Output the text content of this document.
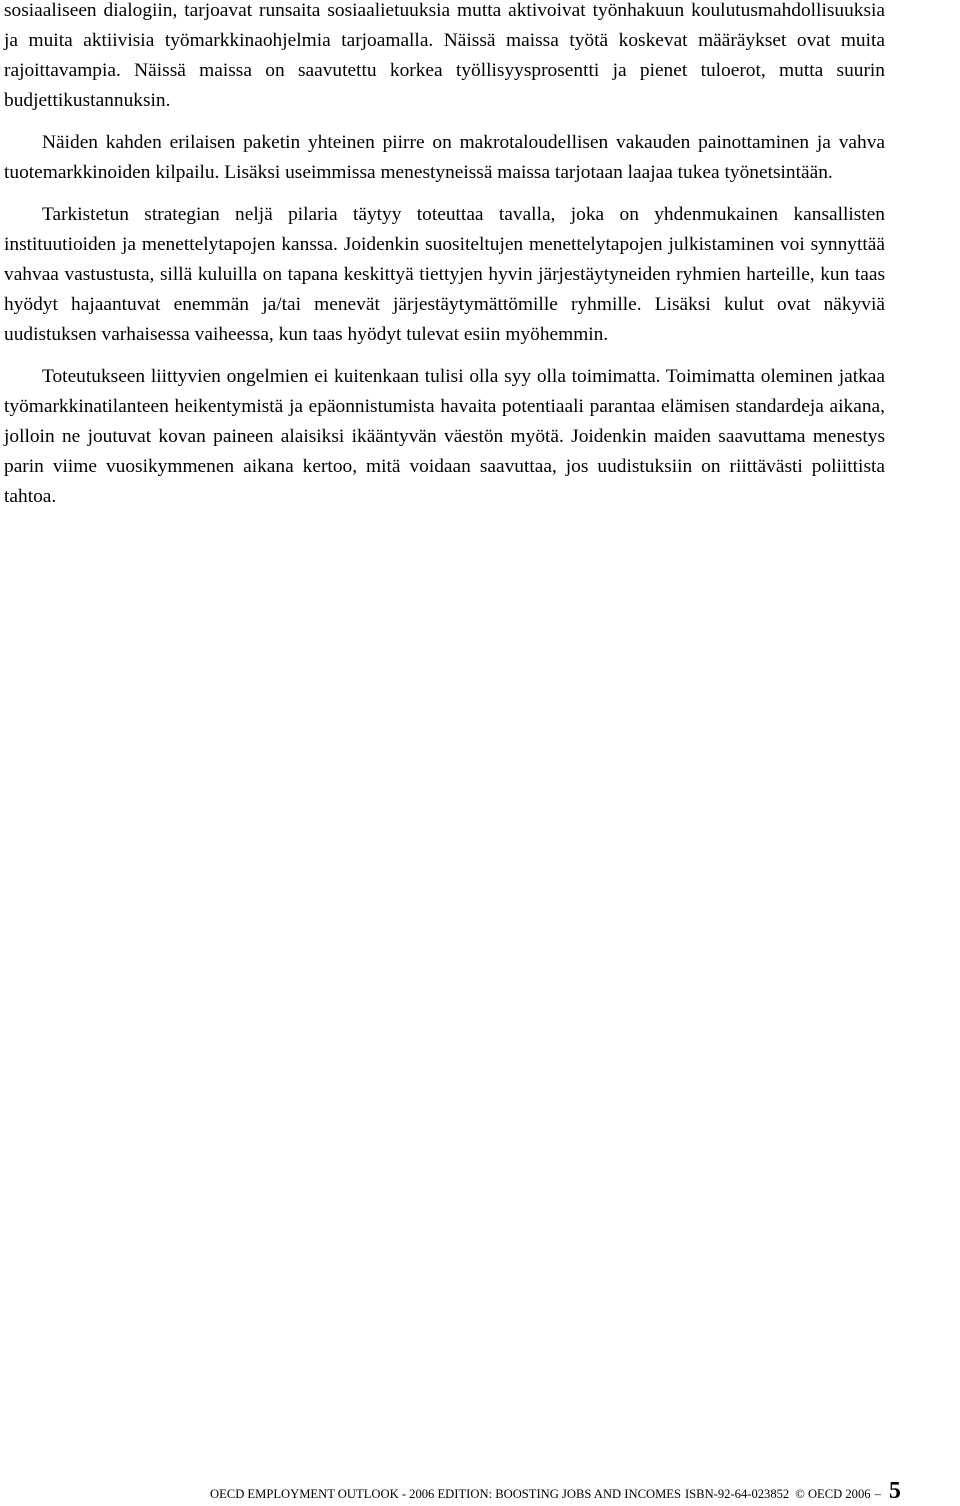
sosiaaliseen dialogiin, tarjoavat runsaita sosiaalietuuksia mutta aktivoivat työnhakuun koulutusmahdollisuuksia ja muita aktiivisia työmarkkinaohjelmia tarjoamalla. Näissä maissa työtä koskevat määräykset ovat muita rajoittavampia. Näissä maissa on saavutettu korkea työllisyysprosentti ja pienet tuloerot, mutta suurin budjettikustannuksin.

Näiden kahden erilaisen paketin yhteinen piirre on makrotaloudellisen vakauden painottaminen ja vahva tuotemarkkinoiden kilpailu. Lisäksi useimmissa menestyneissä maissa tarjotaan laajaa tukea työnetsintään.

Tarkistetun strategian neljä pilaria täytyy toteuttaa tavalla, joka on yhdenmukainen kansallisten instituutioiden ja menettelytapojen kanssa. Joidenkin suositeltujen menettelytapojen julkistaminen voi synnyttää vahvaa vastustusta, sillä kuluilla on tapana keskittyä tiettyjen hyvin järjestäytyneiden ryhmien harteille, kun taas hyödyt hajaantuvat enemmän ja/tai menevät järjestäytymättömille ryhmille. Lisäksi kulut ovat näkyviä uudistuksen varhaisessa vaiheessa, kun taas hyödyt tulevat esiin myöhemmin.

Toteutukseen liittyvien ongelmien ei kuitenkaan tulisi olla syy olla toimimatta. Toimimatta oleminen jatkaa työmarkkinatilanteen heikentymistä ja epäonnistumista havaita potentiaali parantaa elämisen standardeja aikana, jolloin ne joutuvat kovan paineen alaisiksi ikääntyvän väestön myötä. Joidenkin maiden saavuttama menestys parin viime vuosikymmenen aikana kertoo, mitä voidaan saavuttaa, jos uudistuksiin on riittävästi poliittista tahtoa.

OECD EMPLOYMENT OUTLOOK - 2006 EDITION: BOOSTING JOBS AND INCOMES ISBN-92-64-023852 © OECD 2006 – 5
